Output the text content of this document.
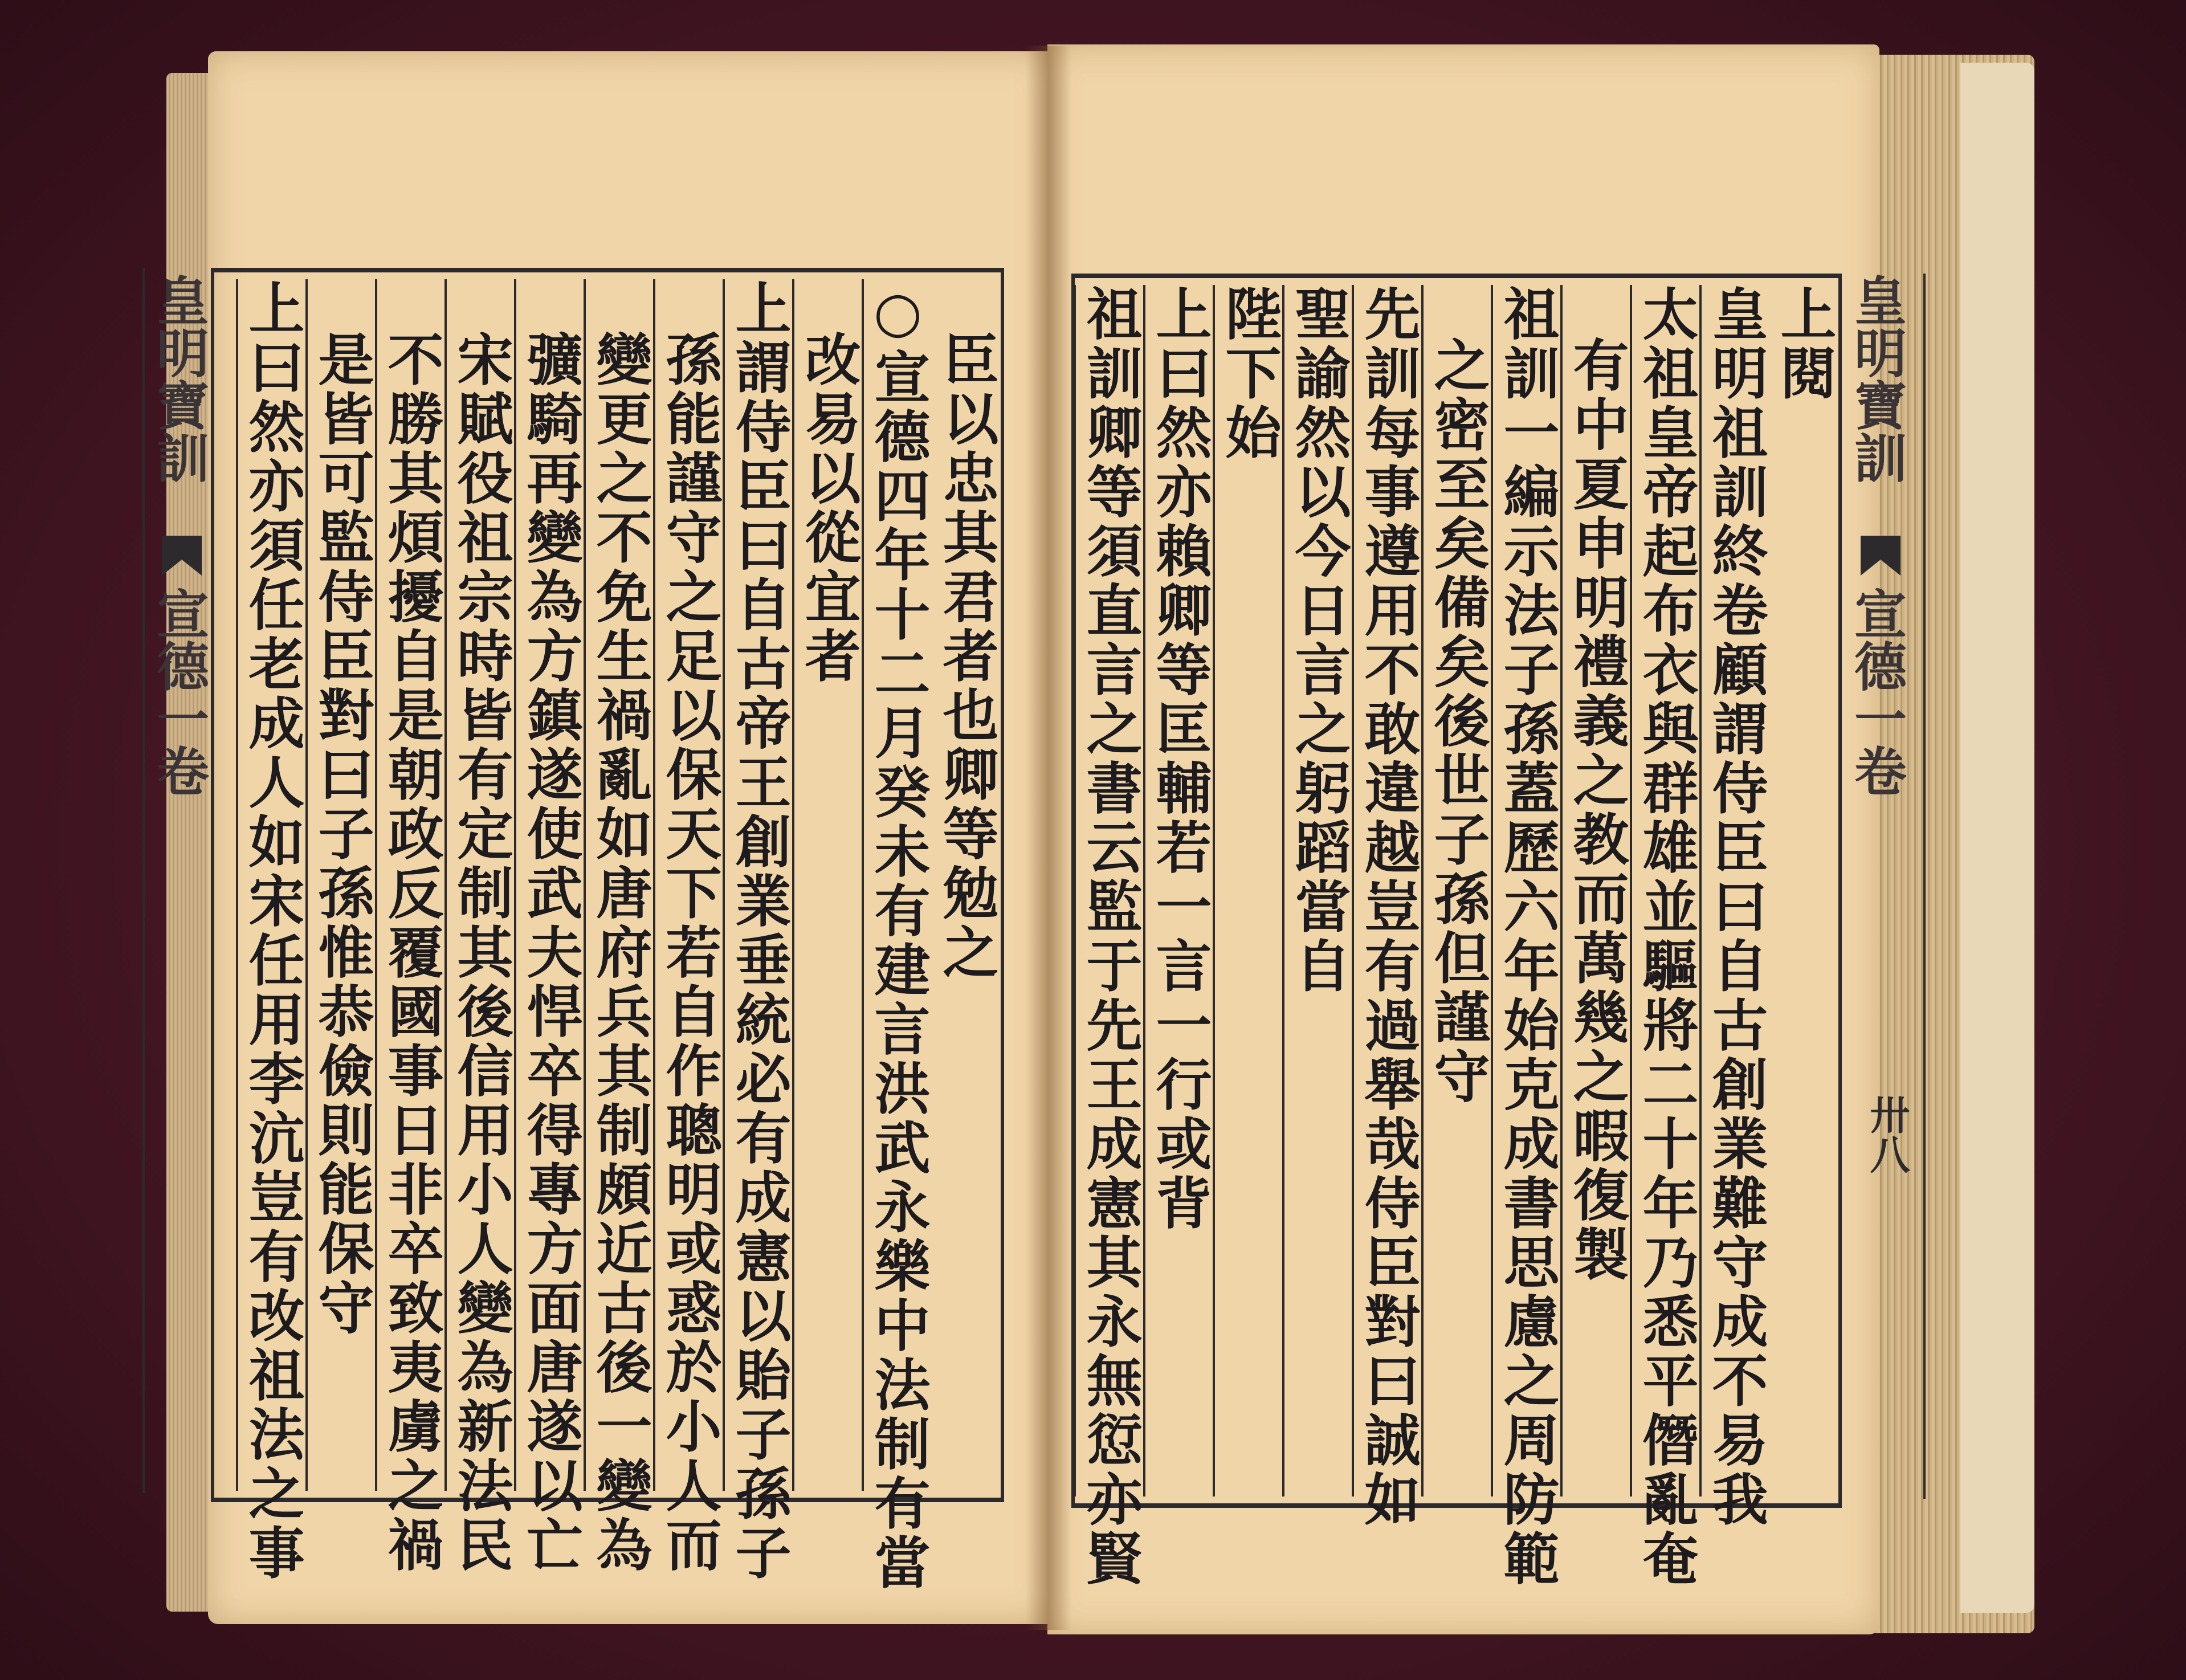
皇明寶訓
宣德一卷	臣以忠其君者也卿等勉之
○宣德四年十二月癸未有建言洪武永樂中法制有當
改易以從宜者
上謂侍臣曰自古帝王創業垂統必有成憲以貽子孫子
孫能謹守之足以保天下若自作聰明或惑於小人而
變更之不免生禍亂如唐府兵其制頗近古後一變為
彍騎再變為方鎮遂使武夫悍卒得專方面唐遂以亡
宋賦役祖宗時皆有定制其後信用小人變為新法民
不勝其煩擾自是朝政反覆國事日非卒致夷虜之禍
是皆可監侍臣對曰子孫惟恭儉則能保守
上曰然亦須任老成人如宋任用李沆豈有改祖法之事	上閱
皇明祖訓終卷顧謂侍臣曰自古創業難守成不易我
太祖皇帝起布衣與群雄並驅將二十年乃悉平僭亂奄
有中夏申明禮義之教而萬幾之暇復製
祖訓一編示法子孫蓋歷六年始克成書思慮之周防範
之密至矣備矣後世子孫但謹守
先訓每事遵用不敢違越豈有過舉哉侍臣對曰誠如
聖諭然以今日言之躬蹈當自
陛下始
上曰然亦賴卿等匡輔若一言一行或背
祖訓卿等須直言之書云監于先王成憲其永無愆亦賢	皇明寶訓
宣德一卷
卅八
